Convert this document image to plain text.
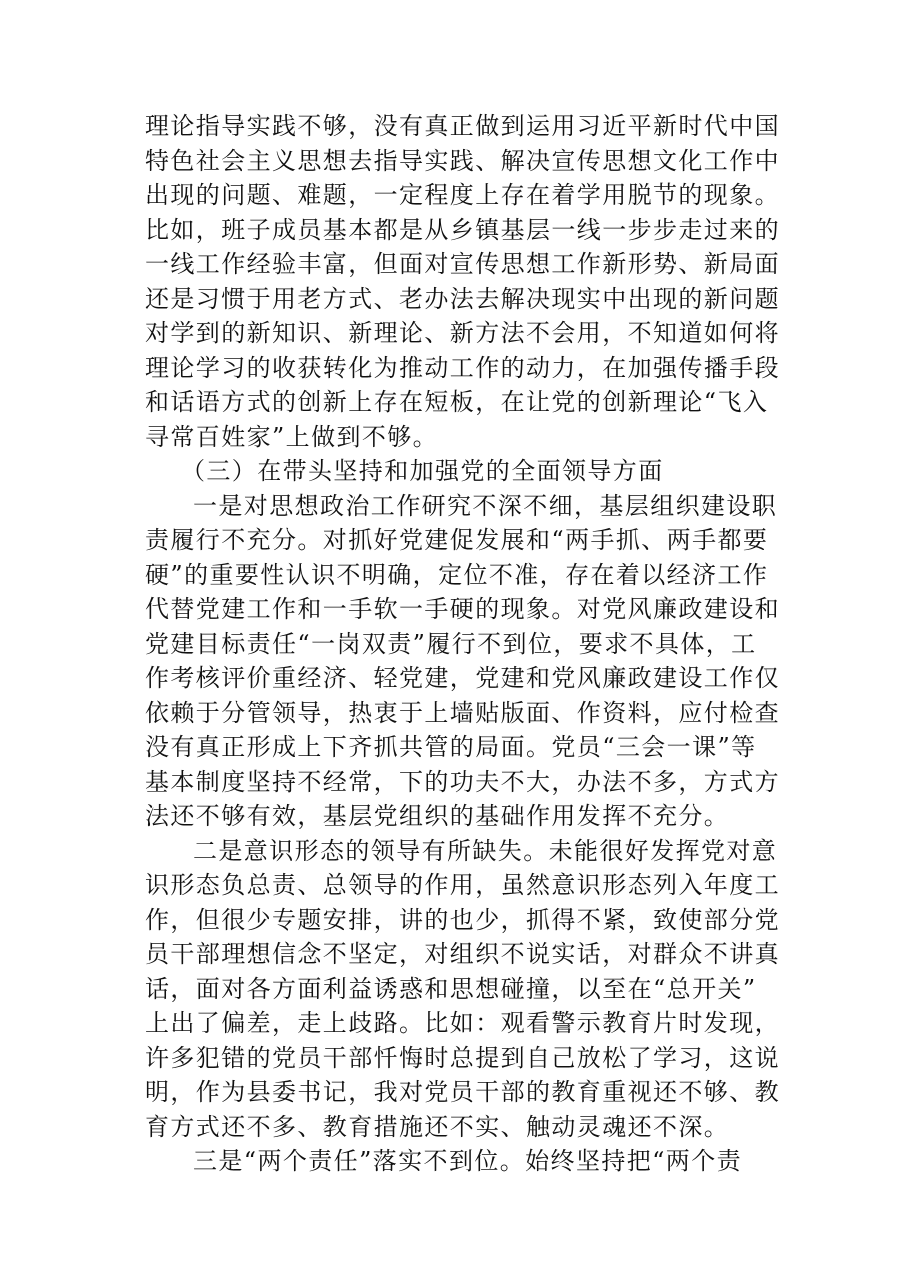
理论指导实践不够，没有真正做到运用习近平新时代中国
特色社会主义思想去指导实践、解决宣传思想文化工作中
出现的问题、难题，一定程度上存在着学用脱节的现象。
比如，班子成员基本都是从乡镇基层一线一步步走过来的
一线工作经验丰富，但面对宣传思想工作新形势、新局面
还是习惯于用老方式、老办法去解决现实中出现的新问题
对学到的新知识、新理论、新方法不会用，不知道如何将
理论学习的收获转化为推动工作的动力，在加强传播手段
和话语方式的创新上存在短板，在让党的创新理论“飞入
寻常百姓家”上做到不够。
（三）在带头坚持和加强党的全面领导方面
一是对思想政治工作研究不深不细，基层组织建设职
责履行不充分。对抓好党建促发展和“两手抓、两手都要
硬”的重要性认识不明确，定位不准，存在着以经济工作
代替党建工作和一手软一手硬的现象。对党风廉政建设和
党建目标责任“一岗双责”履行不到位，要求不具体，工
作考核评价重经济、轻党建，党建和党风廉政建设工作仅
依赖于分管领导，热衷于上墙贴版面、作资料，应付检查
没有真正形成上下齐抓共管的局面。党员“三会一课”等
基本制度坚持不经常，下的功夫不大，办法不多，方式方
法还不够有效，基层党组织的基础作用发挥不充分。
二是意识形态的领导有所缺失。未能很好发挥党对意
识形态负总责、总领导的作用，虽然意识形态列入年度工
作，但很少专题安排，讲的也少，抓得不紧，致使部分党
员干部理想信念不坚定，对组织不说实话，对群众不讲真
话，面对各方面利益诱惑和思想碰撞，以至在“总开关”
上出了偏差，走上歧路。比如：观看警示教育片时发现，
许多犯错的党员干部忏悔时总提到自己放松了学习，这说
明，作为县委书记，我对党员干部的教育重视还不够、教
育方式还不多、教育措施还不实、触动灵魂还不深。
三是“两个责任”落实不到位。始终坚持把“两个责
